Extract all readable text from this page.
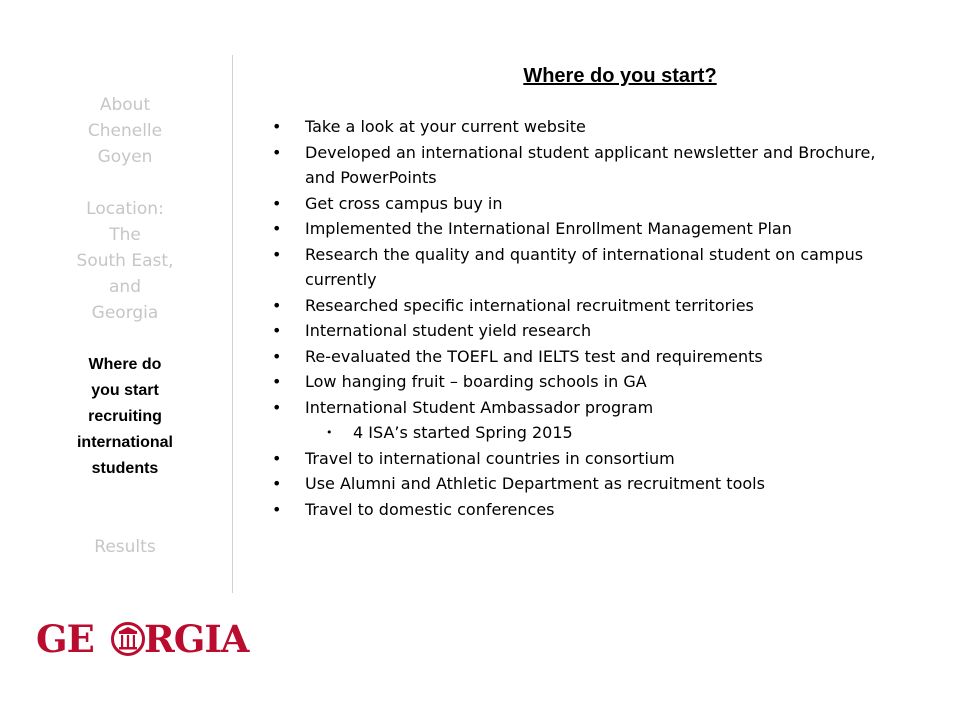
About
Chenelle
Goyen
Location:
The
South East,
and
Georgia
Where do
you start
recruiting
international
students
Results
Where do you start?
• Take a look at your current website
• Developed an international student applicant newsletter and Brochure, and PowerPoints
• Get cross campus buy in
• Implemented the International Enrollment Management Plan
• Research the quality and quantity of international student on campus currently
• Researched specific international recruitment territories
• International student yield research
• Re-evaluated the TOEFL and IELTS test and requirements
• Low hanging fruit – boarding schools in GA
• International Student Ambassador program
• 4 ISA’s started Spring 2015
• Travel to international countries in consortium
• Use Alumni and Athletic Department as recruitment tools
• Travel to domestic conferences
GE RGIA
